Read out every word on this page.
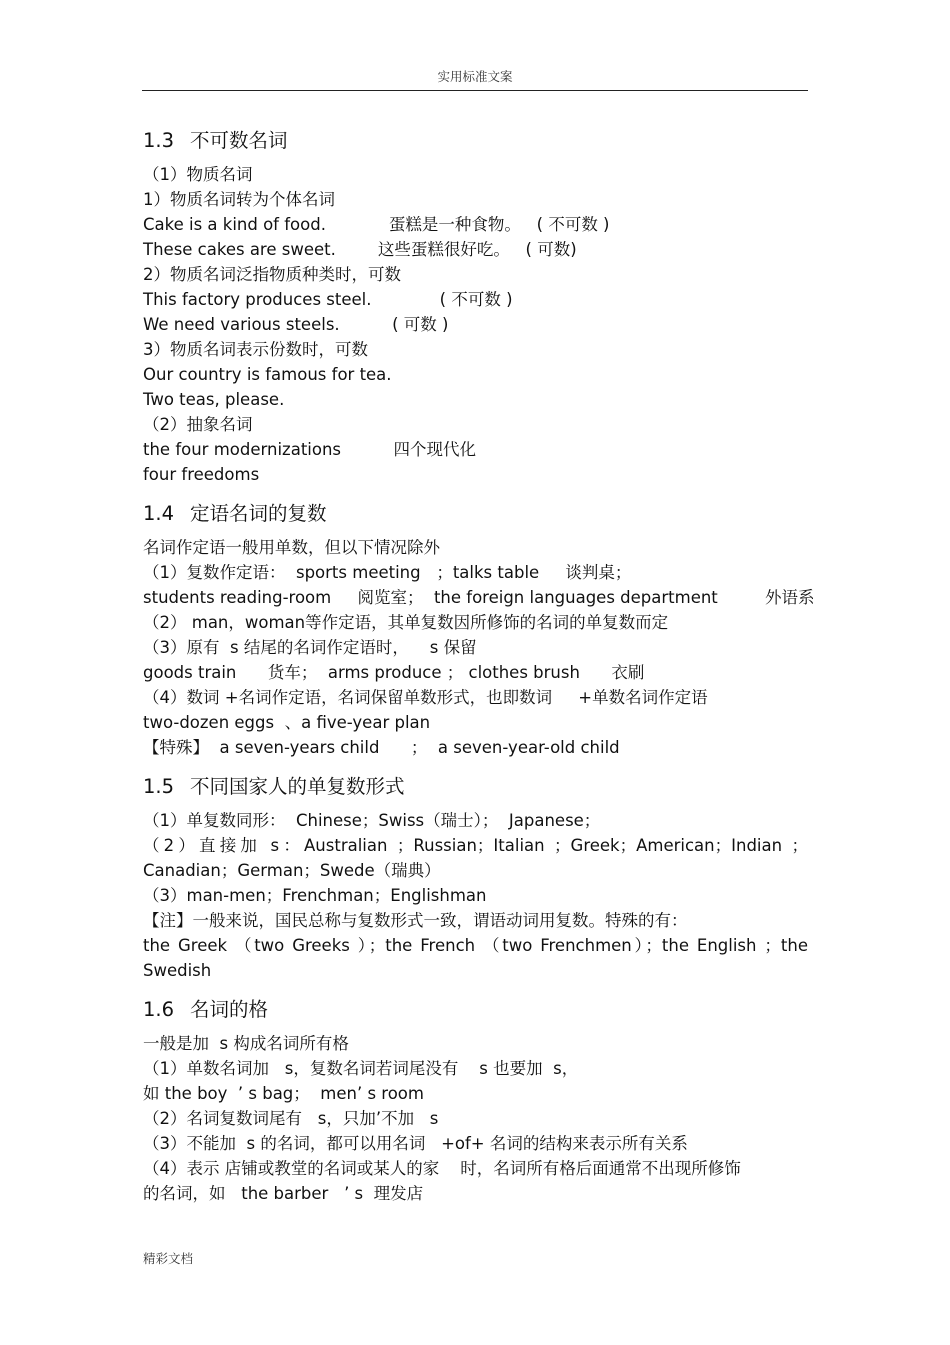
实用标准文案
1.3 不可数名词
（1）物质名词
1）物质名词转为个体名词
Cake is a kind of food.            蛋糕是一种食物。   ( 不可数 )
These cakes are sweet.        这些蛋糕很好吃。   ( 可数)
2）物质名词泛指物质种类时，可数
This factory produces steel.             ( 不可数 )
We need various steels.          ( 可数 )
3）物质名词表示份数时，可数
Our country is famous for tea.
Two teas, please.
（2）抽象名词
the four modernizations          四个现代化
four freedoms
1.4 定语名词的复数
名词作定语一般用单数，但以下情况除外
（1）复数作定语：  sports meeting   ；talks table     谈判桌；
students reading-room     阅览室；  the foreign languages department         外语系
（2） man，woman等作定语，其单复数因所修饰的名词的单复数而定
（3）原有  s 结尾的名词作定语时，    s 保留
goods train      货车；  arms produce ； clothes brush      衣刷
（4）数词 +名词作定语，名词保留单数形式，也即数词     +单数名词作定语
two-dozen eggs  、a five-year plan
【特殊】  a seven-years child      ；  a seven-year-old child
1.5 不同国家人的单复数形式
（1）单复数同形：  Chinese；Swiss（瑞士）；  Japanese；
（2）直接加 s：Australian ；Russian；Italian ；Greek；American；Indian ；
Canadian；German；Swede（瑞典）
（3）man-men；Frenchman；Englishman
【注】一般来说，国民总称与复数形式一致，谓语动词用复数。特殊的有：
the Greek （two Greeks ）；the French （two Frenchmen）；the English ；the
Swedish
1.6 名词的格
一般是加  s 构成名词所有格
（1）单数名词加   s，复数名词若词尾没有    s 也要加  s，
如 the boy  ’ s bag；  men’ s room
（2）名词复数词尾有   s，只加’不加   s
（3）不能加  s 的名词，都可以用名词   +of+ 名词的结构来表示所有关系
（4）表示 店铺或教堂的名词或某人的家    时，名词所有格后面通常不出现所修饰
的名词，如   the barber   ’ s  理发店
精彩文档
